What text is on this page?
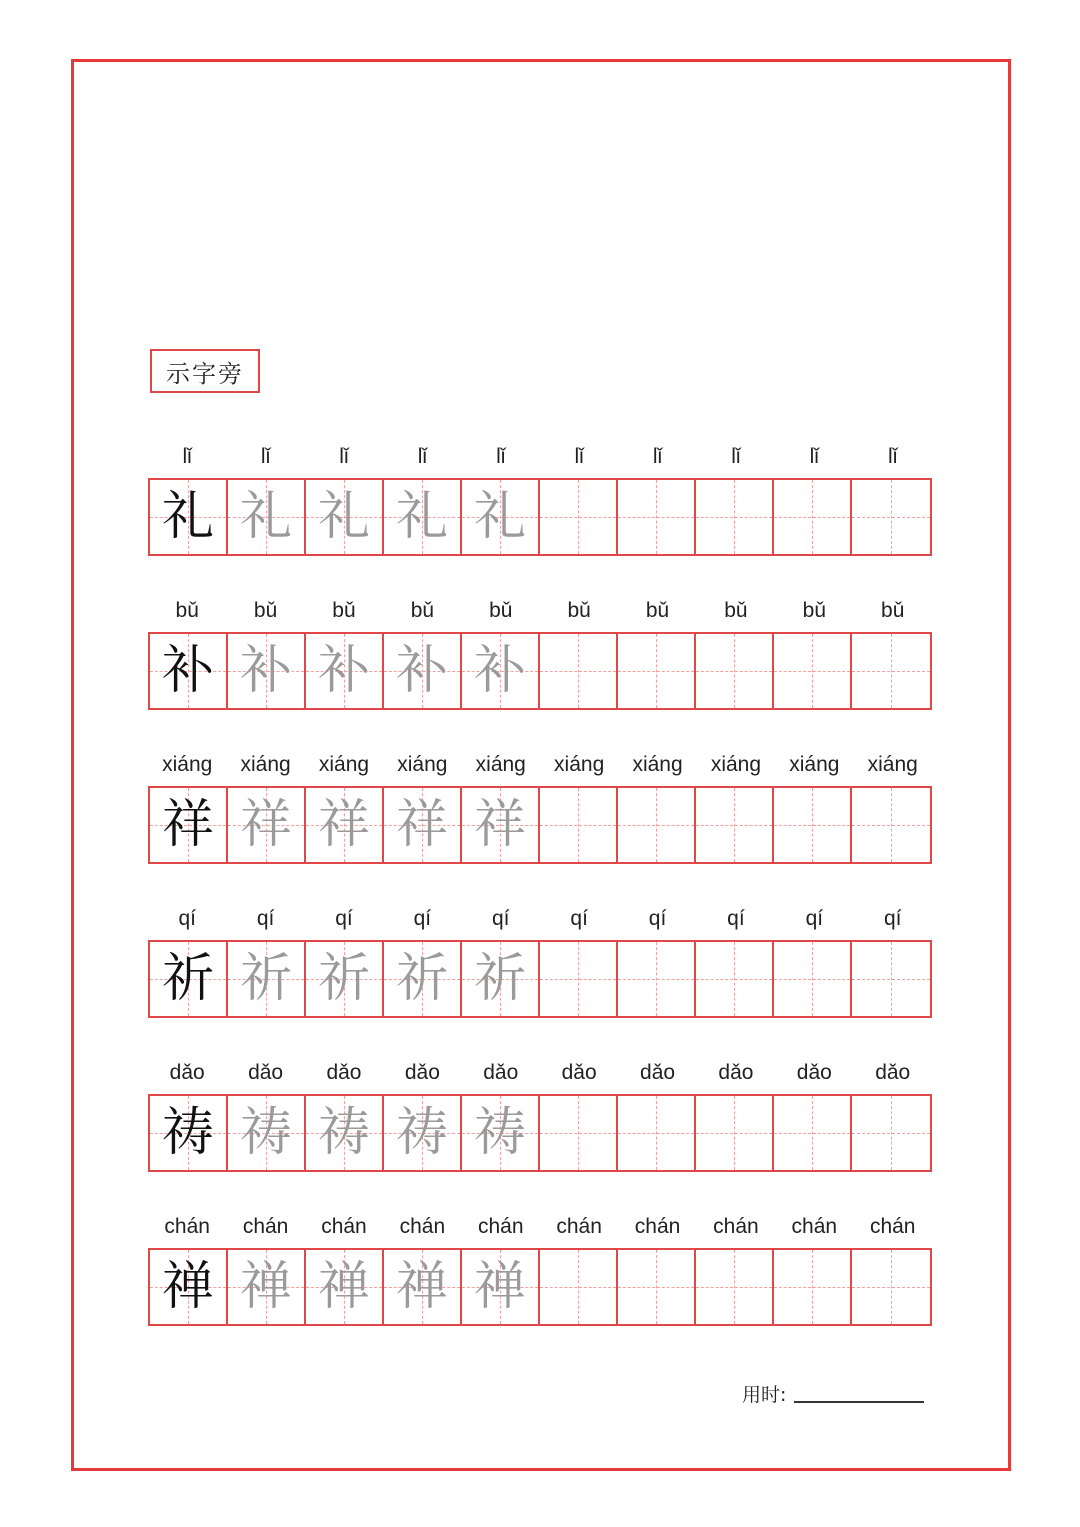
示字旁
lǐ	lǐ	lǐ	lǐ	lǐ	lǐ	lǐ	lǐ	lǐ	lǐ
礼 礼 礼 礼 礼
bǔ	bǔ	bǔ	bǔ	bǔ	bǔ	bǔ	bǔ	bǔ	bǔ
补 补 补 补 补
xiáng	xiáng	xiáng	xiáng	xiáng	xiáng	xiáng	xiáng	xiáng	xiáng
祥 祥 祥 祥 祥
qí	qí	qí	qí	qí	qí	qí	qí	qí	qí
祈 祈 祈 祈 祈
dǎo	dǎo	dǎo	dǎo	dǎo	dǎo	dǎo	dǎo	dǎo	dǎo
祷 祷 祷 祷 祷
chán	chán	chán	chán	chán	chán	chán	chán	chán	chán
禅 禅 禅 禅 禅
用时:
